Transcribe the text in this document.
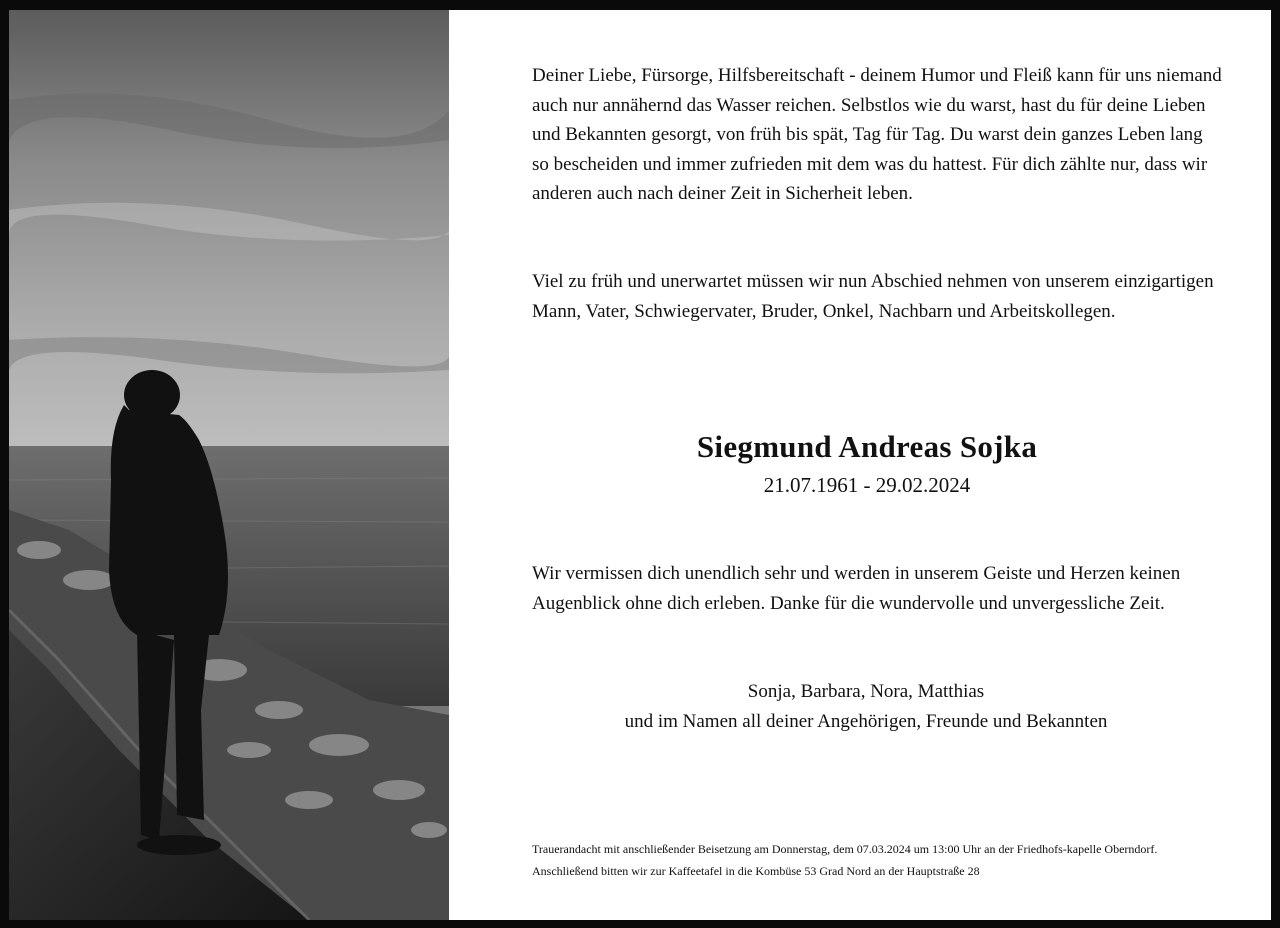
Deiner Liebe, Fürsorge, Hilfsbereitschaft - deinem Humor und Fleiß kann für uns niemand auch nur annähernd das Wasser reichen. Selbstlos wie du warst, hast du für deine Lieben und Bekannten gesorgt, von früh bis spät, Tag für Tag. Du warst dein ganzes Leben lang so bescheiden und immer zufrieden mit dem was du hattest. Für dich zählte nur, dass wir anderen auch nach deiner Zeit in Sicherheit leben.

Viel zu früh und unerwartet müssen wir nun Abschied nehmen von unserem einzigartigen Mann, Vater, Schwiegervater, Bruder, Onkel, Nachbarn und Arbeitskollegen.

Siegmund Andreas Sojka
21.07.1961 - 29.02.2024

Wir vermissen dich unendlich sehr und werden in unserem Geiste und Herzen keinen Augenblick ohne dich erleben. Danke für die wundervolle und unvergessliche Zeit.

Sonja, Barbara, Nora, Matthias
und im Namen all deiner Angehörigen, Freunde und Bekannten

Trauerandacht mit anschließender Beisetzung am Donnerstag, dem 07.03.2024 um 13:00 Uhr an der Friedhofs-kapelle Oberndorf. Anschließend bitten wir zur Kaffeetafel in die Kombüse 53 Grad Nord an der Hauptstraße 28
